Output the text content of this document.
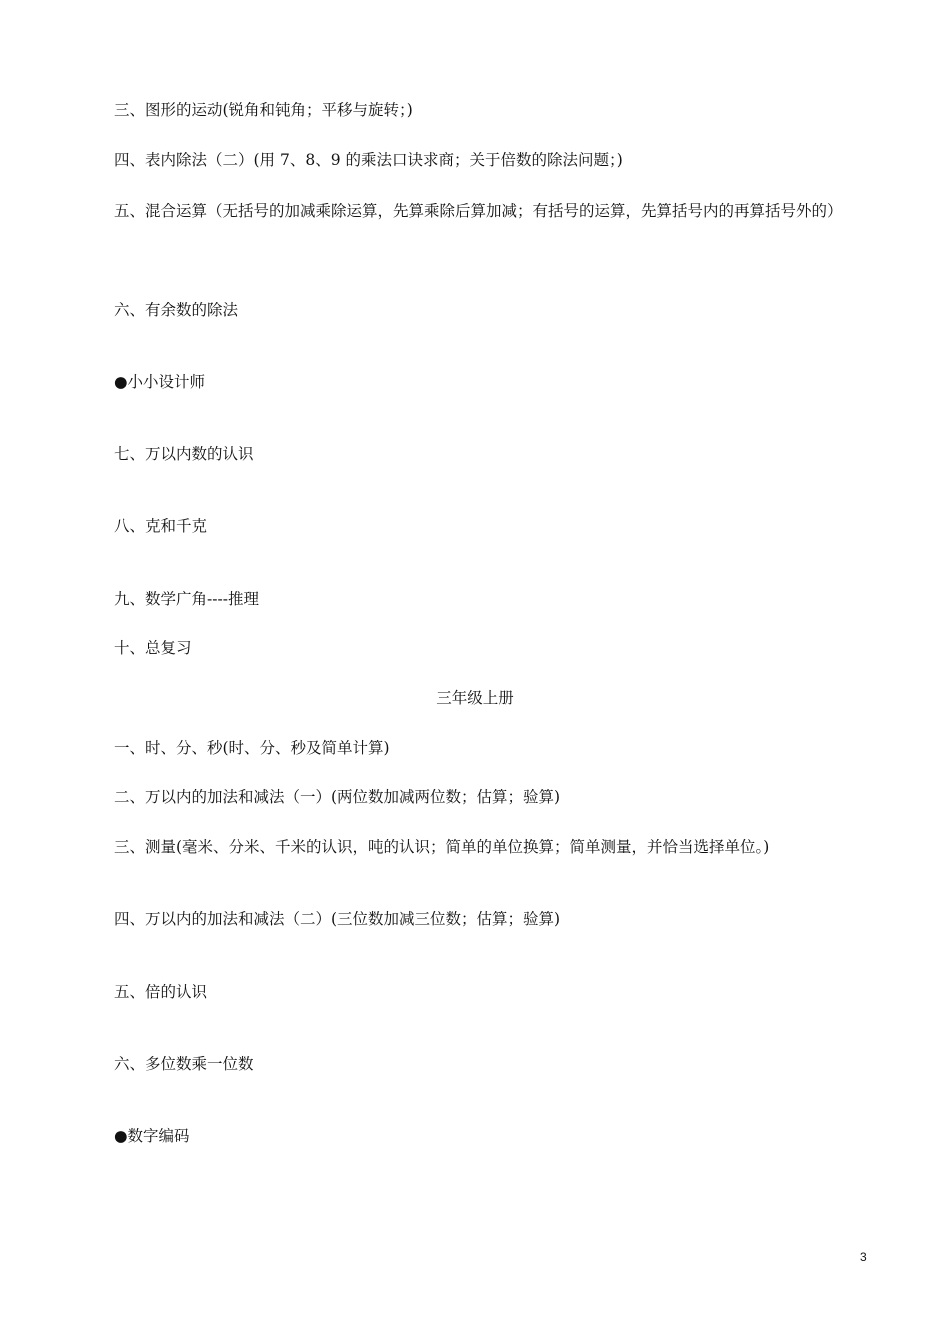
三、图形的运动(锐角和钝角；平移与旋转；)
四、表内除法（二）(用 7、8、9 的乘法口诀求商；关于倍数的除法问题；)
五、混合运算（无括号的加减乘除运算，先算乘除后算加减；有括号的运算，先算括号内的再算括号外的）
六、有余数的除法
●小小设计师
七、万以内数的认识
八、克和千克
九、数学广角----推理
十、总复习
三年级上册
一、时、分、秒(时、分、秒及简单计算)
二、万以内的加法和减法（一）(两位数加减两位数；估算；验算)
三、测量(毫米、分米、千米的认识，吨的认识；简单的单位换算；简单测量，并恰当选择单位。)
四、万以内的加法和减法（二）(三位数加减三位数；估算；验算)
五、倍的认识
六、多位数乘一位数
●数字编码
3
